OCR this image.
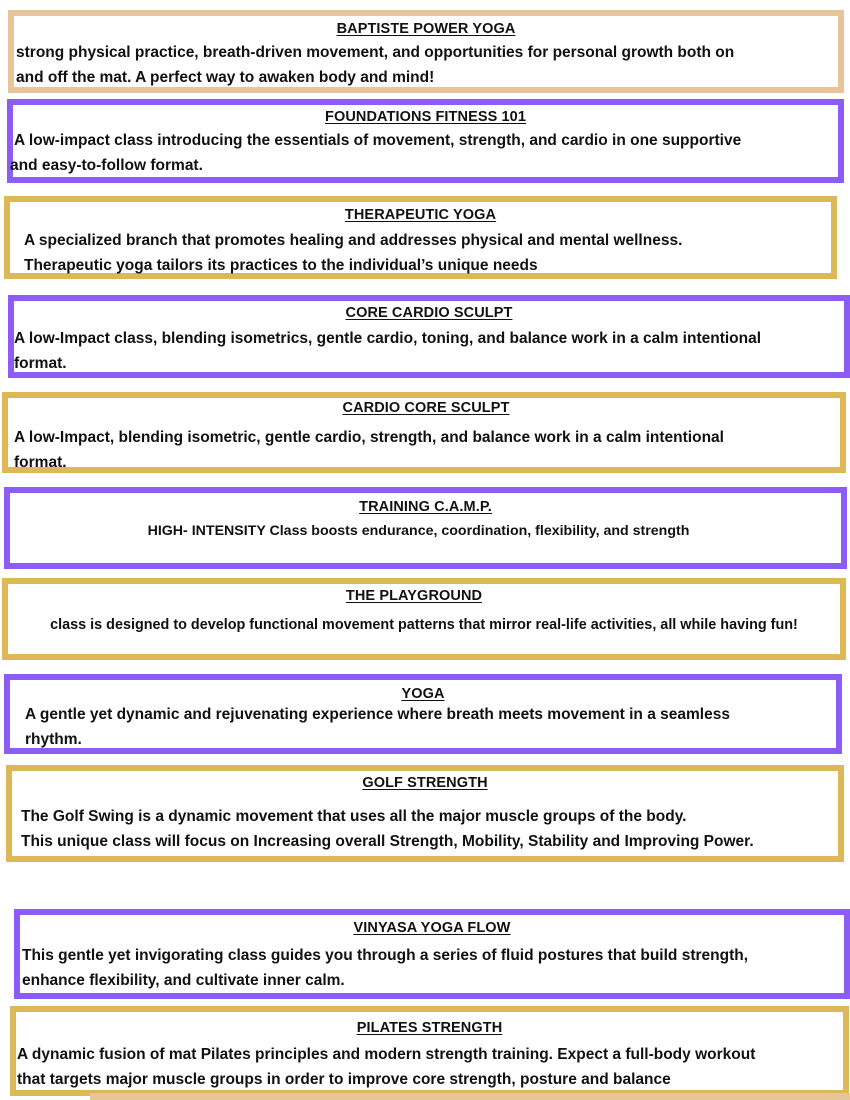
BAPTISTE POWER YOGA
strong physical practice, breath-driven movement, and opportunities for personal growth both on
and off the mat. A perfect way to awaken body and mind!
FOUNDATIONS FITNESS 101
A low-impact class introducing the essentials of movement, strength, and cardio in one supportive
and easy-to-follow format.
THERAPEUTIC YOGA
A specialized branch that promotes healing and addresses physical and mental wellness.
Therapeutic yoga tailors its practices to the individual’s unique needs
CORE CARDIO SCULPT
A low-Impact class, blending isometrics, gentle cardio, toning, and balance work in a calm intentional
format.
CARDIO CORE SCULPT
A low-Impact, blending isometric, gentle cardio, strength, and balance work in a calm intentional
format.
TRAINING C.A.M.P.
HIGH- INTENSITY Class boosts endurance, coordination, flexibility, and strength
THE PLAYGROUND
class is designed to develop functional movement patterns that mirror real-life activities, all while having fun!
YOGA
A gentle yet dynamic and rejuvenating experience where breath meets movement in a seamless
rhythm.
GOLF STRENGTH
The Golf Swing is a dynamic movement that uses all the major muscle groups of the body.
This unique class will focus on Increasing overall Strength, Mobility, Stability and Improving Power.
VINYASA YOGA FLOW
This gentle yet invigorating class guides you through a series of fluid postures that build strength,
enhance flexibility, and cultivate inner calm.
PILATES STRENGTH
A dynamic fusion of mat Pilates principles and modern strength training. Expect a full-body workout
that targets major muscle groups in order to improve core strength, posture and balance
